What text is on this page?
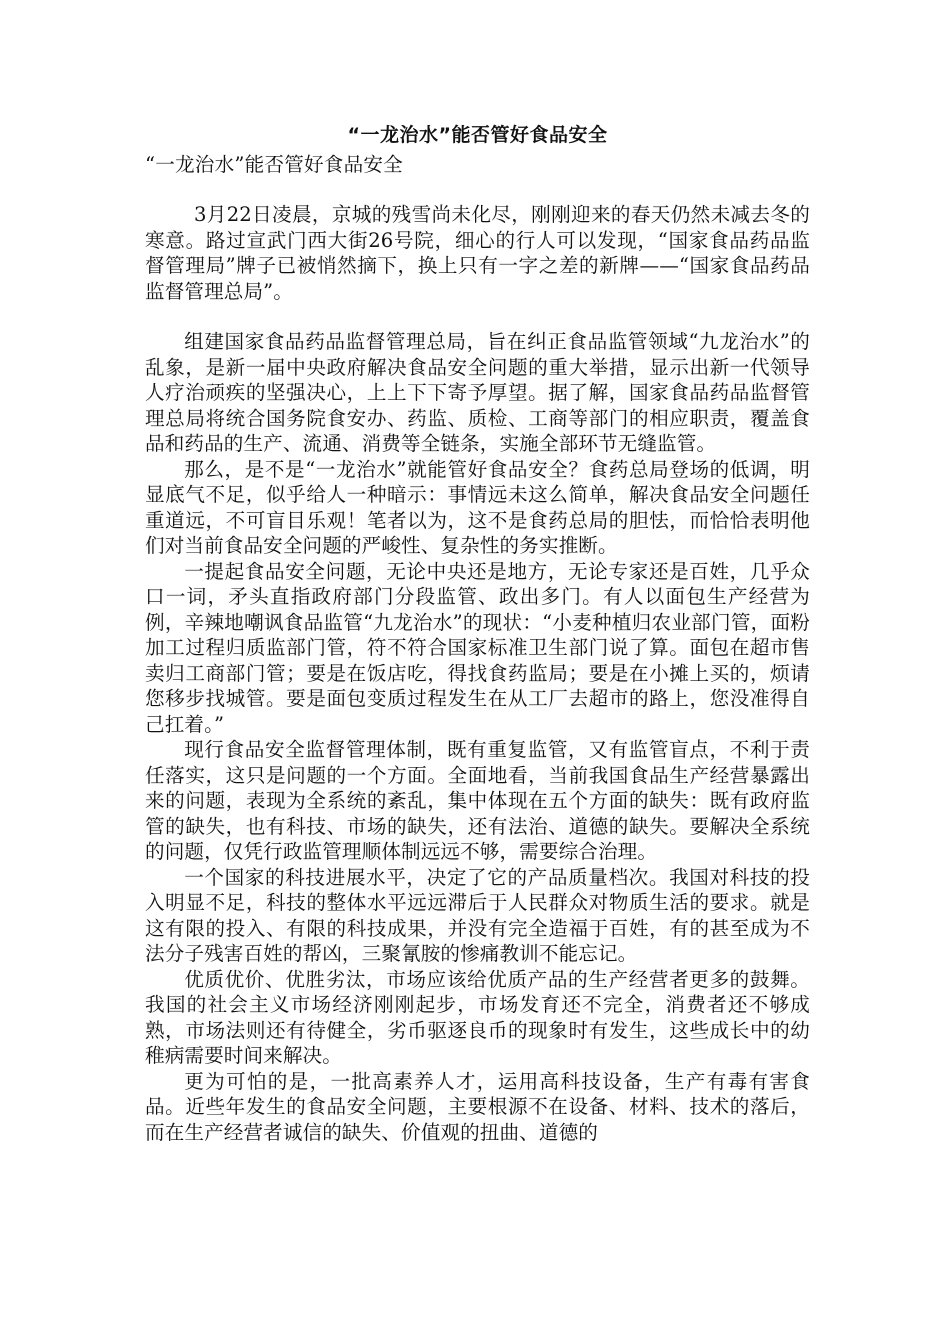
“一龙治水”能否管好食品安全
“一龙治水”能否管好食品安全

3月22日凌晨，京城的残雪尚未化尽，刚刚迎来的春天仍然未减去冬的寒意。路过宣武门西大街26号院，细心的行人可以发现，“国家食品药品监督管理局”牌子已被悄然摘下，换上只有一字之差的新牌——“国家食品药品监督管理总局”。

组建国家食品药品监督管理总局，旨在纠正食品监管领域“九龙治水”的乱象，是新一届中央政府解决食品安全问题的重大举措，显示出新一代领导人疗治顽疾的坚强决心，上上下下寄予厚望。据了解，国家食品药品监督管理总局将统合国务院食安办、药监、质检、工商等部门的相应职责，覆盖食品和药品的生产、流通、消费等全链条，实施全部环节无缝监管。

那么，是不是“一龙治水”就能管好食品安全？食药总局登场的低调，明显底气不足，似乎给人一种暗示：事情远未这么简单，解决食品安全问题任重道远，不可盲目乐观！笔者以为，这不是食药总局的胆怯，而恰恰表明他们对当前食品安全问题的严峻性、复杂性的务实推断。

一提起食品安全问题，无论中央还是地方，无论专家还是百姓，几乎众口一词，矛头直指政府部门分段监管、政出多门。有人以面包生产经营为例，辛辣地嘲讽食品监管“九龙治水”的现状：“小麦种植归农业部门管，面粉加工过程归质监部门管，符不符合国家标准卫生部门说了算。面包在超市售卖归工商部门管；要是在饭店吃，得找食药监局；要是在小摊上买的，烦请您移步找城管。要是面包变质过程发生在从工厂去超市的路上，您没准得自己扛着。”

现行食品安全监督管理体制，既有重复监管，又有监管盲点，不利于责任落实，这只是问题的一个方面。全面地看，当前我国食品生产经营暴露出来的问题，表现为全系统的紊乱，集中体现在五个方面的缺失：既有政府监管的缺失，也有科技、市场的缺失，还有法治、道德的缺失。要解决全系统的问题，仅凭行政监管理顺体制远远不够，需要综合治理。

一个国家的科技进展水平，决定了它的产品质量档次。我国对科技的投入明显不足，科技的整体水平远远滞后于人民群众对物质生活的要求。就是这有限的投入、有限的科技成果，并没有完全造福于百姓，有的甚至成为不法分子残害百姓的帮凶，三聚氰胺的惨痛教训不能忘记。

优质优价、优胜劣汰，市场应该给优质产品的生产经营者更多的鼓舞。我国的社会主义市场经济刚刚起步，市场发育还不完全，消费者还不够成熟，市场法则还有待健全，劣币驱逐良币的现象时有发生，这些成长中的幼稚病需要时间来解决。

更为可怕的是，一批高素养人才，运用高科技设备，生产有毒有害食品。近些年发生的食品安全问题，主要根源不在设备、材料、技术的落后，而在生产经营者诚信的缺失、价值观的扭曲、道德的
